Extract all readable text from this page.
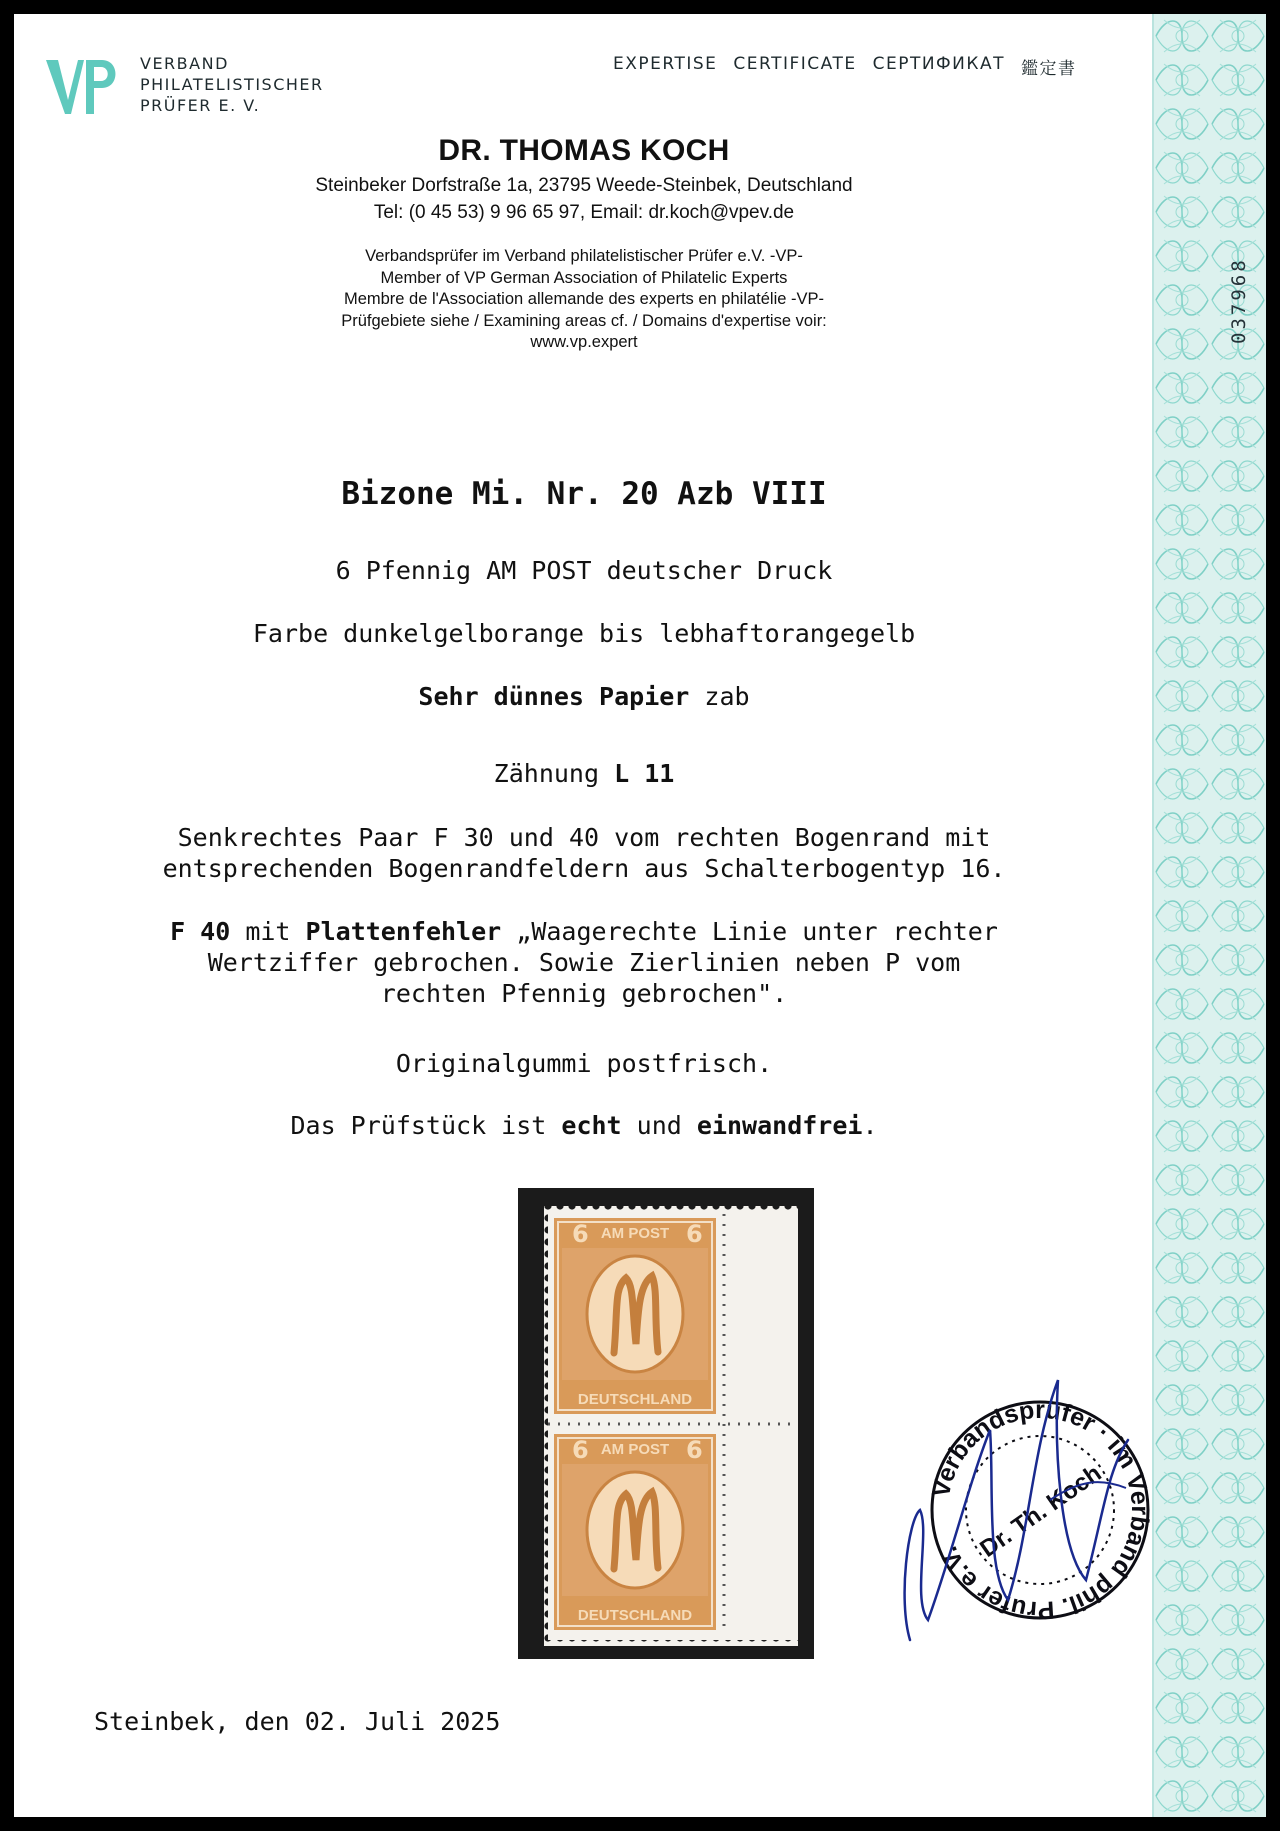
037968
VERBAND
PHILATELISTISCHER
PRÜFER E. V.
EXPERTISE CERTIFICATE СЕРТИФИКАТ 鑑定書
DR. THOMAS KOCH
Steinbeker Dorfstraße 1a, 23795 Weede-Steinbek, Deutschland
Tel: (0 45 53) 9 96 65 97, Email: dr.koch@vpev.de
Verbandsprüfer im Verband philatelistischer Prüfer e.V. -VP-
Member of VP German Association of Philatelic Experts
Membre de l'Association allemande des experts en philatélie -VP-
Prüfgebiete siehe / Examining areas cf. / Domains d'expertise voir:
www.vp.expert
Bizone Mi. Nr. 20 Azb VIII
6 Pfennig AM POST deutscher Druck
Farbe dunkelgelborange bis lebhaftorangegelb
Sehr dünnes Papier zab
Zähnung L 11
Senkrechtes Paar F 30 und 40 vom rechten Bogenrand mit
entsprechenden Bogenrandfeldern aus Schalterbogentyp 16.
F 40 mit Plattenfehler „Waagerechte Linie unter rechter
Wertziffer gebrochen. Sowie Zierlinien neben P vom
rechten Pfennig gebrochen".
Originalgummi postfrisch.
Das Prüfstück ist echt und einwandfrei.
6	6
AM POST
DEUTSCHLAND
6	6
AM POST
DEUTSCHLAND
Verbandsprüfer · im Verband phil. Prüfer e.V. Dr. Th. Koch
Steinbek, den 02. Juli 2025
